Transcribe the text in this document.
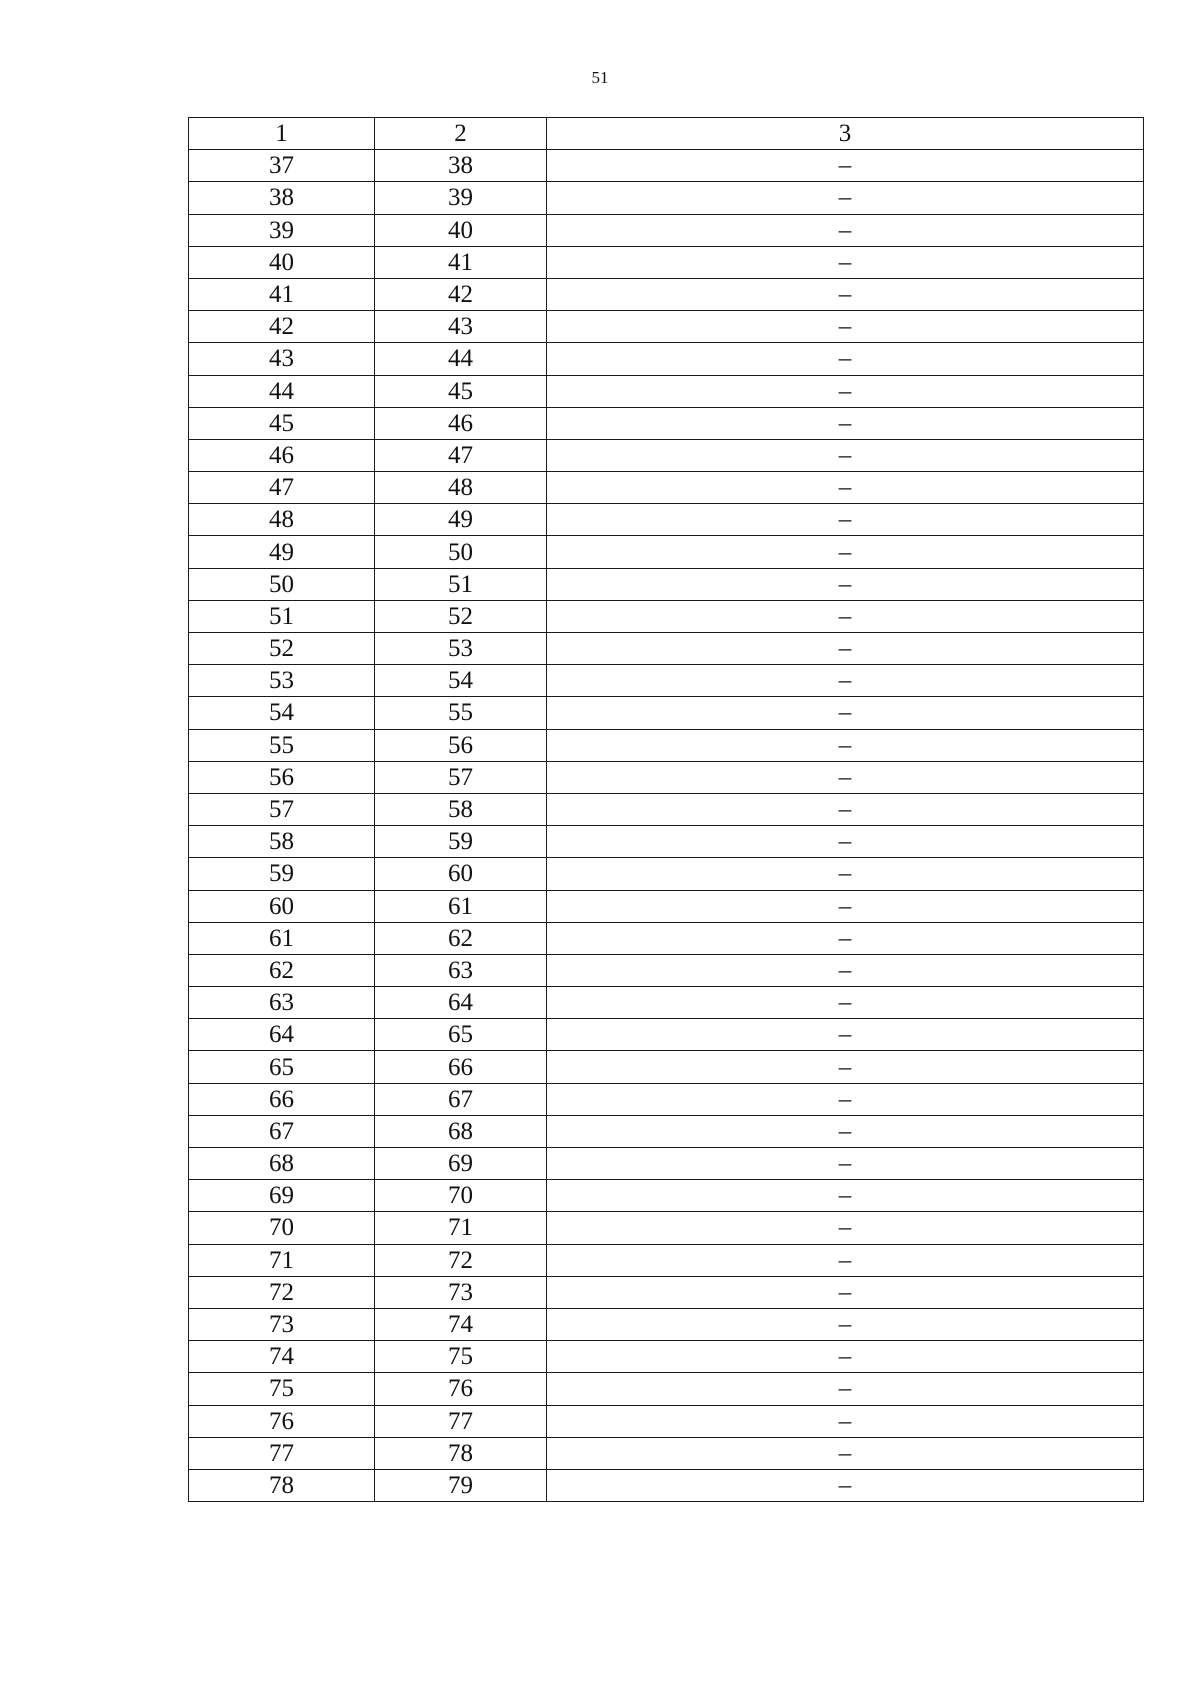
51
1	2	3
37	38	–
38	39	–
39	40	–
40	41	–
41	42	–
42	43	–
43	44	–
44	45	–
45	46	–
46	47	–
47	48	–
48	49	–
49	50	–
50	51	–
51	52	–
52	53	–
53	54	–
54	55	–
55	56	–
56	57	–
57	58	–
58	59	–
59	60	–
60	61	–
61	62	–
62	63	–
63	64	–
64	65	–
65	66	–
66	67	–
67	68	–
68	69	–
69	70	–
70	71	–
71	72	–
72	73	–
73	74	–
74	75	–
75	76	–
76	77	–
77	78	–
78	79	–
